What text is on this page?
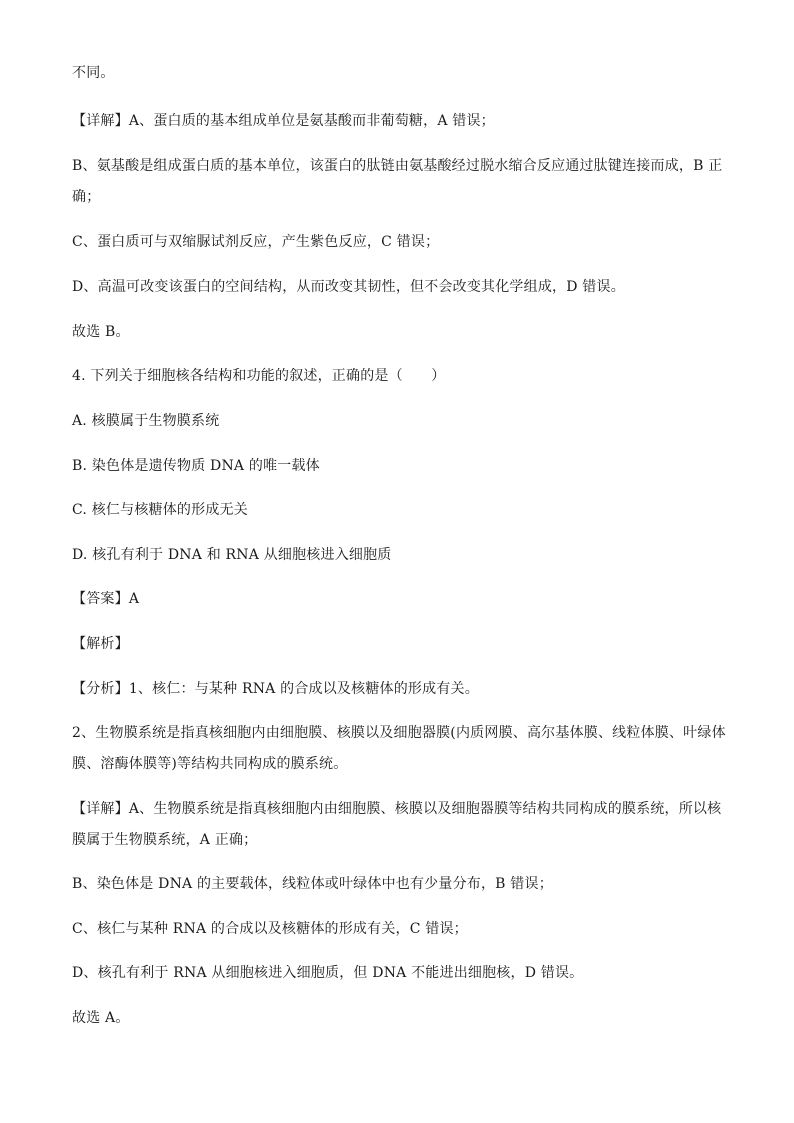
不同。
【详解】A、蛋白质的基本组成单位是氨基酸而非葡萄糖，A 错误；
B、氨基酸是组成蛋白质的基本单位，该蛋白的肽链由氨基酸经过脱水缩合反应通过肽键连接而成，B 正
确；
C、蛋白质可与双缩脲试剂反应，产生紫色反应，C 错误；
D、高温可改变该蛋白的空间结构，从而改变其韧性，但不会改变其化学组成，D 错误。
故选 B。
4. 下列关于细胞核各结构和功能的叙述，正确的是（　　）
A. 核膜属于生物膜系统
B. 染色体是遗传物质 DNA 的唯一载体
C. 核仁与核糖体的形成无关
D. 核孔有利于 DNA 和 RNA 从细胞核进入细胞质
【答案】A
【解析】
【分析】1、核仁：与某种 RNA 的合成以及核糖体的形成有关。
2、生物膜系统是指真核细胞内由细胞膜、核膜以及细胞器膜(内质网膜、高尔基体膜、线粒体膜、叶绿体
膜、溶酶体膜等)等结构共同构成的膜系统。
【详解】A、生物膜系统是指真核细胞内由细胞膜、核膜以及细胞器膜等结构共同构成的膜系统，所以核
膜属于生物膜系统，A 正确；
B、染色体是 DNA 的主要载体，线粒体或叶绿体中也有少量分布，B 错误；
C、核仁与某种 RNA 的合成以及核糖体的形成有关，C 错误；
D、核孔有利于 RNA 从细胞核进入细胞质，但 DNA 不能进出细胞核，D 错误。
故选 A。
